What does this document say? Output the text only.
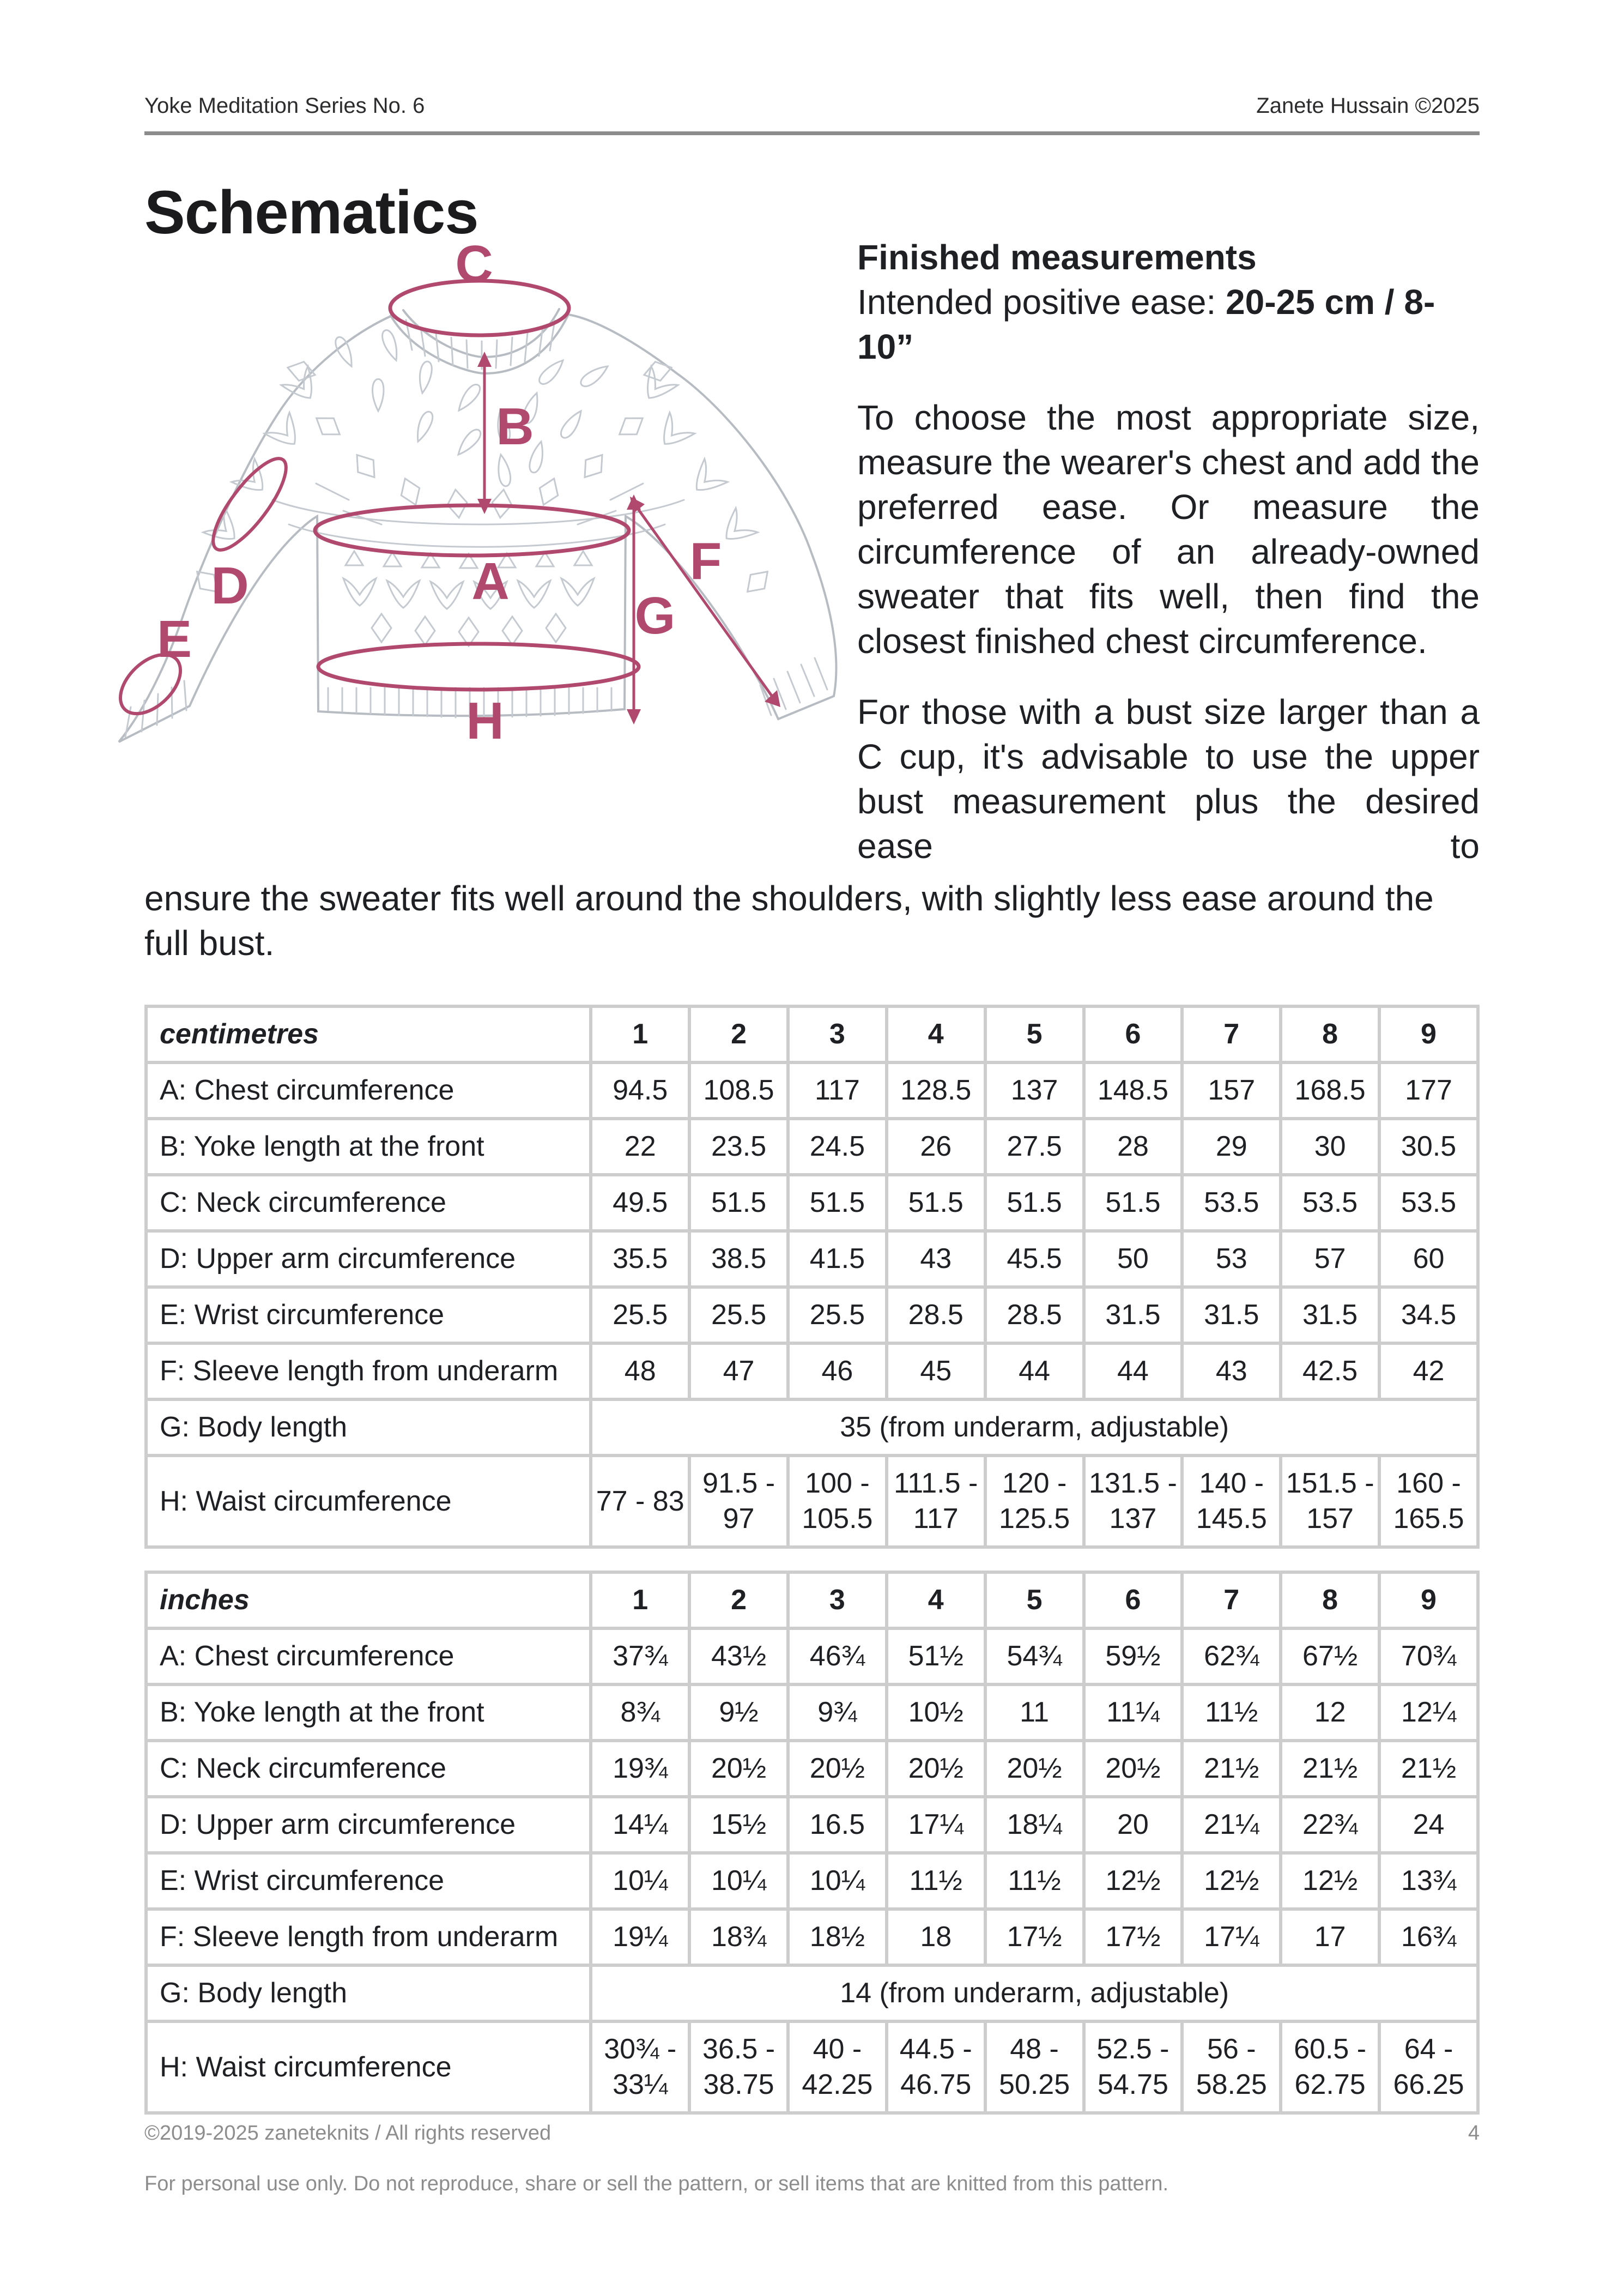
Yoke Meditation Series No. 6	Zanete Hussain ©2025
Schematics
C
B
A
D
E
F
G
H

Finished measurements

Intended positive ease: 20-25 cm / 8-10”

To choose the most appropriate size, measure the wearer's chest and add the preferred ease. Or measure the circumference of an already-owned sweater that fits well, then find the closest finished chest circumference.

For those with a bust size larger than a C cup, it's advisable to use the upper bust measurement plus the desired ease to

ensure the sweater fits well around the shoulders, with slightly less ease around the full bust.

centimetres	1	2	3	4	5	6	7	8	9
A: Chest circumference	94.5	108.5	117	128.5	137	148.5	157	168.5	177
B: Yoke length at the front	22	23.5	24.5	26	27.5	28	29	30	30.5
C: Neck circumference	49.5	51.5	51.5	51.5	51.5	51.5	53.5	53.5	53.5
D: Upper arm circumference	35.5	38.5	41.5	43	45.5	50	53	57	60
E: Wrist circumference	25.5	25.5	25.5	28.5	28.5	31.5	31.5	31.5	34.5
F: Sleeve length from underarm	48	47	46	45	44	44	43	42.5	42
G: Body length	35 (from underarm, adjustable)								
H: Waist circumference	77 - 83	91.5 - 97	100 - 105.5	111.5 - 117	120 - 125.5	131.5 - 137	140 - 145.5	151.5 - 157	160 - 165.5
inches	1	2	3	4	5	6	7	8	9
A: Chest circumference	37¾	43½	46¾	51½	54¾	59½	62¾	67½	70¾
B: Yoke length at the front	8¾	9½	9¾	10½	11	11¼	11½	12	12¼
C: Neck circumference	19¾	20½	20½	20½	20½	20½	21½	21½	21½
D: Upper arm circumference	14¼	15½	16.5	17¼	18¼	20	21¼	22¾	24
E: Wrist circumference	10¼	10¼	10¼	11½	11½	12½	12½	12½	13¾
F: Sleeve length from underarm	19¼	18¾	18½	18	17½	17½	17¼	17	16¾
G: Body length	14 (from underarm, adjustable)								
H: Waist circumference	30¾ - 33¼	36.5 - 38.75	40 - 42.25	44.5 - 46.75	48 - 50.25	52.5 - 54.75	56 - 58.25	60.5 - 62.75	64 - 66.25
©2019-2025 zaneteknits / All rights reserved
For personal use only. Do not reproduce, share or sell the pattern, or sell items that are knitted from this pattern.
4
